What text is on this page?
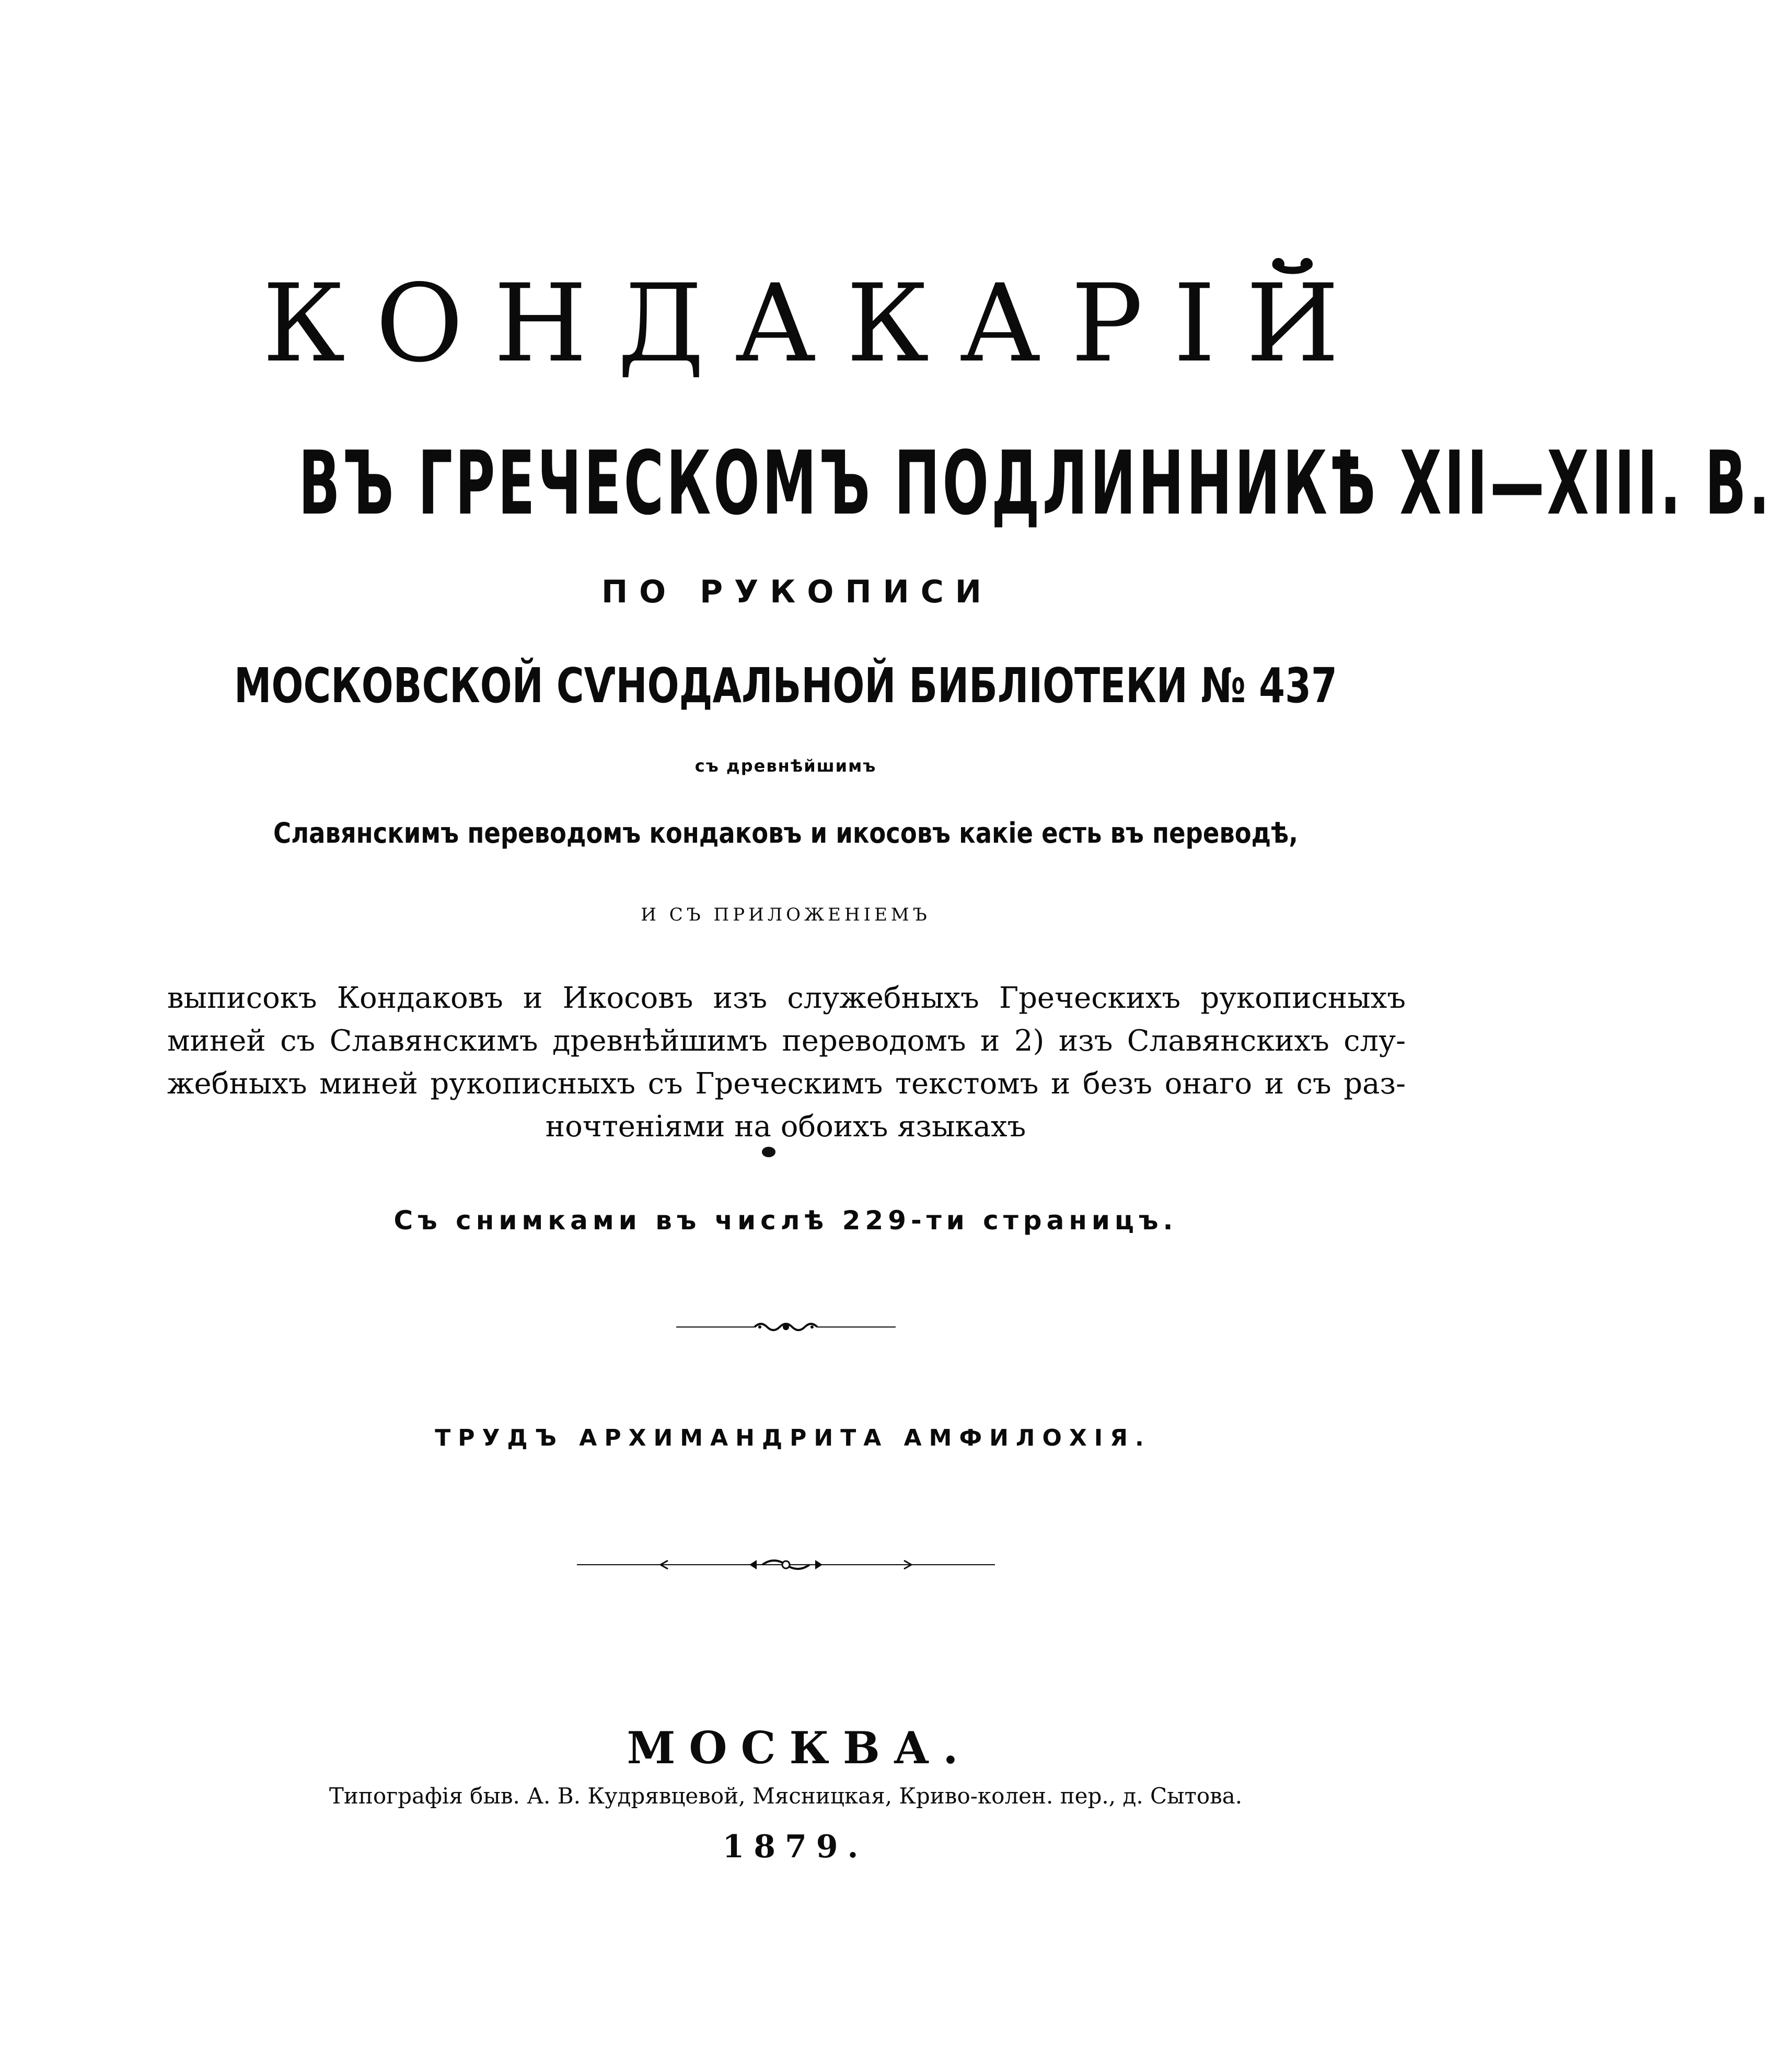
КОНДАКАРІЙ
ВЪ ГРЕЧЕСКОМЪ ПОДЛИННИКѢ XII—XIII. В.

ПО РУКОПИСИ

МОСКОВСКОЙ СѴНОДАЛЬНОЙ БИБЛІОТЕКИ № 437

съ древнѣйшимъ

Славянскимъ переводомъ кондаковъ и икосовъ какіе есть въ переводѣ,

И СЪ ПРИЛОЖЕНІЕМЪ

выписокъ Кондаковъ и Икосовъ изъ служебныхъ Греческихъ рукописныхъ

миней съ Славянскимъ древнѣйшимъ переводомъ и 2) изъ Славянскихъ слу-

жебныхъ миней рукописныхъ съ Греческимъ текстомъ и безъ онаго и съ раз-

ночтеніями на обоихъ языкахъ

Съ снимками въ числѣ 229-ти страницъ.

ТРУДЪ АРХИМАНДРИТА АМФИЛОХІЯ.

МОСКВА.

Типографія быв. А. В. Кудрявцевой, Мясницкая, Криво-колен. пер., д. Сытова.

1879.
